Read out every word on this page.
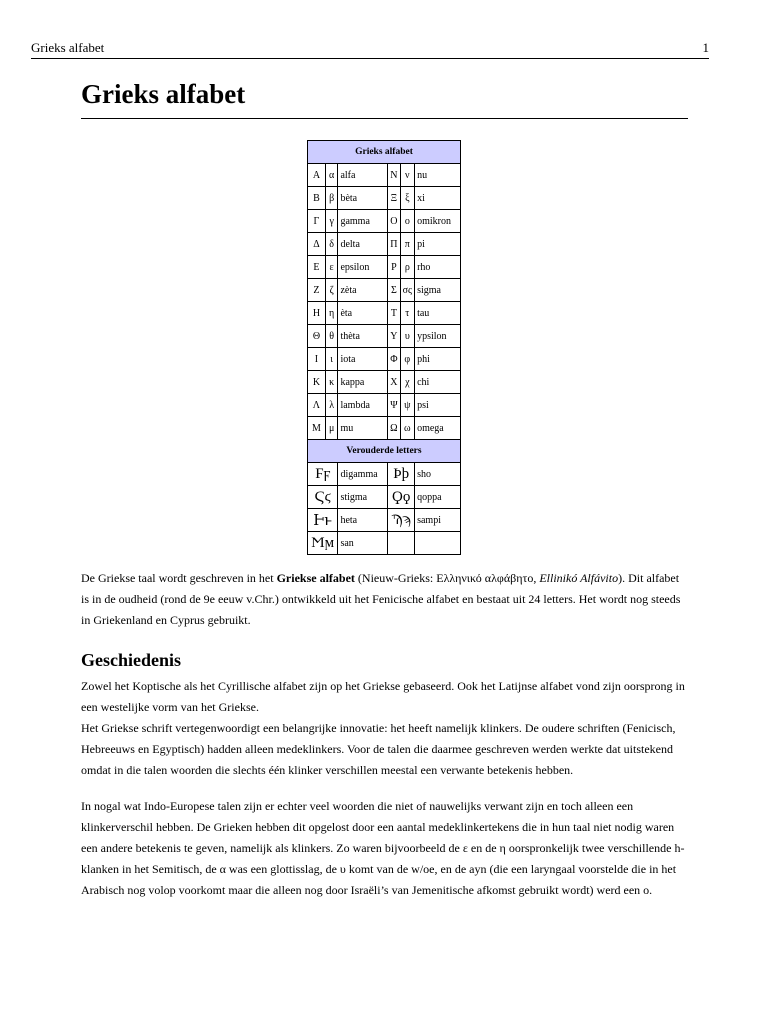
Grieks alfabet	1
Grieks alfabet
Grieks alfabet					
Α	α	alfa	Ν	ν	nu
Β	β	bèta	Ξ	ξ	xi
Γ	γ	gamma	Ο	ο	omikron
Δ	δ	delta	Π	π	pi
Ε	ε	epsilon	Ρ	ρ	rho
Ζ	ζ	zèta	Σ	σς	sigma
Η	η	èta	Τ	τ	tau
Θ	θ	thèta	Υ	υ	ypsilon
Ι	ι	iota	Φ	φ	phi
Κ	κ	kappa	Χ	χ	chi
Λ	λ	lambda	Ψ	ψ	psi
Μ	μ	mu	Ω	ω	omega
Verouderde letters					
Ϝϝ		digamma	Ϸϸ		sho
Ϛϛ		stigma	Ϙϙ		qoppa
Ͱͱ		heta	Ϡϡ		sampi
Ϻϻ		san			

De Griekse taal wordt geschreven in het Griekse alfabet (Nieuw-Grieks: Ελληνικό αλφάβητο, Ellinikó Alfávito). Dit alfabet is in de oudheid (rond de 9e eeuw v.Chr.) ontwikkeld uit het Fenicische alfabet en bestaat uit 24 letters. Het wordt nog steeds in Griekenland en Cyprus gebruikt.

Geschiedenis

Zowel het Koptische als het Cyrillische alfabet zijn op het Griekse gebaseerd. Ook het Latijnse alfabet vond zijn oorsprong in een westelijke vorm van het Griekse.

Het Griekse schrift vertegenwoordigt een belangrijke innovatie: het heeft namelijk klinkers. De oudere schriften (Fenicisch, Hebreeuws en Egyptisch) hadden alleen medeklinkers. Voor de talen die daarmee geschreven werden werkte dat uitstekend omdat in die talen woorden die slechts één klinker verschillen meestal een verwante betekenis hebben.

In nogal wat Indo-Europese talen zijn er echter veel woorden die niet of nauwelijks verwant zijn en toch alleen een klinkerverschil hebben. De Grieken hebben dit opgelost door een aantal medeklinkertekens die in hun taal niet nodig waren een andere betekenis te geven, namelijk als klinkers. Zo waren bijvoorbeeld de ε en de η oorspronkelijk twee verschillende h-klanken in het Semitisch, de α was een glottisslag, de υ komt van de w/oe, en de ayn (die een laryngaal voorstelde die in het Arabisch nog volop voorkomt maar die alleen nog door Israëli’s van Jemenitische afkomst gebruikt wordt) werd een o.
